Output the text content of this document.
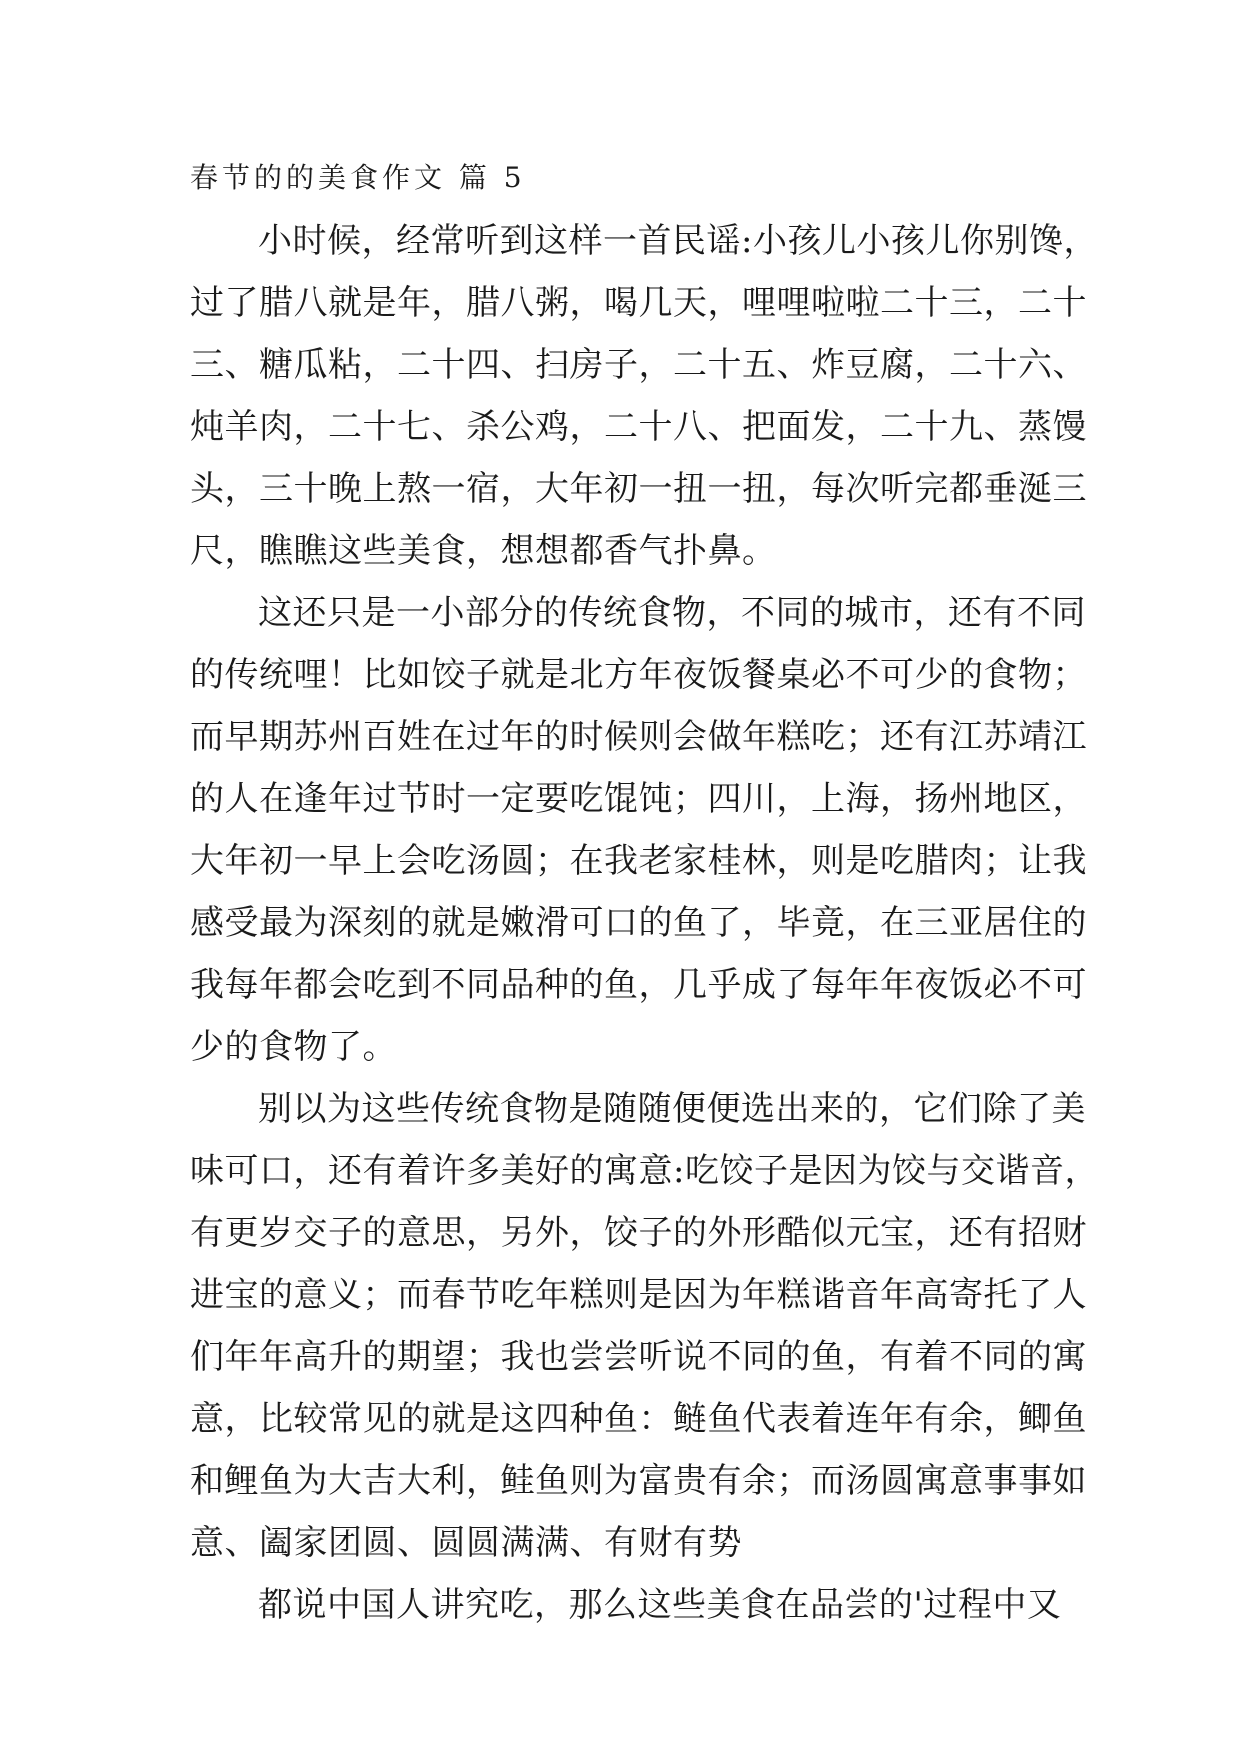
春节的的美食作文 篇 5
小时候，经常听到这样一首民谣:小孩儿小孩儿你别馋，
过了腊八就是年，腊八粥，喝几天，哩哩啦啦二十三，二十
三、糖瓜粘，二十四、扫房子，二十五、炸豆腐，二十六、
炖羊肉，二十七、杀公鸡，二十八、把面发，二十九、蒸馒
头，三十晚上熬一宿，大年初一扭一扭，每次听完都垂涎三
尺，瞧瞧这些美食，想想都香气扑鼻。
这还只是一小部分的传统食物，不同的城市，还有不同
的传统哩！比如饺子就是北方年夜饭餐桌必不可少的食物；
而早期苏州百姓在过年的时候则会做年糕吃；还有江苏靖江
的人在逢年过节时一定要吃馄饨；四川，上海，扬州地区，
大年初一早上会吃汤圆；在我老家桂林，则是吃腊肉；让我
感受最为深刻的就是嫩滑可口的鱼了，毕竟，在三亚居住的
我每年都会吃到不同品种的鱼，几乎成了每年年夜饭必不可
少的食物了。
别以为这些传统食物是随随便便选出来的，它们除了美
味可口，还有着许多美好的寓意:吃饺子是因为饺与交谐音，
有更岁交子的意思，另外，饺子的外形酷似元宝，还有招财
进宝的意义；而春节吃年糕则是因为年糕谐音年高寄托了人
们年年高升的期望；我也尝尝听说不同的鱼，有着不同的寓
意，比较常见的就是这四种鱼：鲢鱼代表着连年有余，鲫鱼
和鲤鱼为大吉大利，鲑鱼则为富贵有余；而汤圆寓意事事如
意、阖家团圆、圆圆满满、有财有势
都说中国人讲究吃，那么这些美食在品尝的'过程中又
